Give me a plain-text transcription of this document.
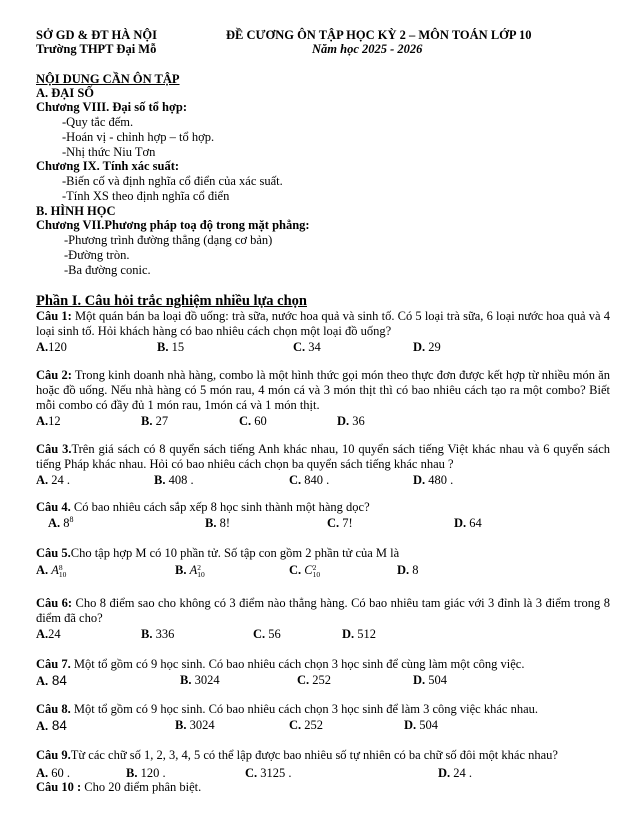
SỞ GD & ĐT HÀ NỘI
Trường THPT Đại Mỗ
ĐỀ CƯƠNG ÔN TẬP HỌC KỲ 2 – MÔN TOÁN LỚP 10
Năm học 2025 - 2026
NỘI DUNG CẦN ÔN TẬP
A. ĐẠI SỐ
Chương VIII. Đại số tổ hợp:
-Quy tắc đếm.
-Hoán vị - chỉnh hợp – tổ hợp.
-Nhị thức Niu Tơn
Chương IX. Tính xác suất:
-Biến cố và định nghĩa cổ điển của xác suất.
-Tính XS theo định nghĩa cổ điển
B. HÌNH HỌC
Chương VII.Phương pháp toạ độ trong mặt phẳng:
-Phương trình đường thẳng (dạng cơ bản)
-Đường tròn.
-Ba đường conic.
Phần I. Câu hỏi trắc nghiệm nhiều lựa chọn
Câu 1: Một quán bán ba loại đồ uống: trà sữa, nước hoa quả và sinh tố. Có 5 loại trà sữa, 6 loại nước hoa quả và 4 loại sinh tố. Hỏi khách hàng có bao nhiêu cách chọn một loại đồ uống?
A.120	B. 15	C. 34	D. 29
Câu 2: Trong kinh doanh nhà hàng, combo là một hình thức gọi món theo thực đơn được kết hợp từ nhiều món ăn hoặc đồ uống. Nếu nhà hàng có 5 món rau, 4 món cá và 3 món thịt thì có bao nhiêu cách tạo ra một combo? Biết mỗi combo có đầy đủ 1 món rau, 1món cá và 1 món thịt.
A.12	B. 27	C. 60	D. 36
Câu 3.Trên giá sách có 8 quyển sách tiếng Anh khác nhau, 10 quyển sách tiếng Việt khác nhau và 6 quyển sách tiếng Pháp khác nhau. Hỏi có bao nhiêu cách chọn ba quyển sách tiếng khác nhau ?
A. 24 .	B. 408 .	C. 840 .	D. 480 .
Câu 4. Có bao nhiêu cách sắp xếp 8 học sinh thành một hàng dọc?
A. $8^8$	B. 8!	C. 7!	D. 64
Câu 5.Cho tập hợp M có 10 phần tử. Số tập con gồm 2 phần tử của M là
A. A 8
10	B. A 2
10	C. C 2
10	D. 8
Câu 6: Cho 8 điểm sao cho không có 3 điểm nào thẳng hàng. Có bao nhiêu tam giác với 3 đỉnh là 3 điểm trong 8 điểm đã cho?
A.24	B. 336	C. 56	D. 512
Câu 7. Một tổ gồm có 9 học sinh. Có bao nhiêu cách chọn 3 học sinh để cùng làm một công việc.
A. 84	B. 3024	C. 252	D. 504
Câu 8. Một tổ gồm có 9 học sinh. Có bao nhiêu cách chọn 3 học sinh để làm 3 công việc khác nhau.
A. 84	B. 3024	C. 252	D. 504
Câu 9.Từ các chữ số 1, 2, 3, 4, 5 có thể lập được bao nhiêu số tự nhiên có ba chữ số đôi một khác nhau?
A. 60 .	B. 120 .	C. 3125 .	D. 24 .
Câu 10 : Cho 20 điểm phân biệt.
